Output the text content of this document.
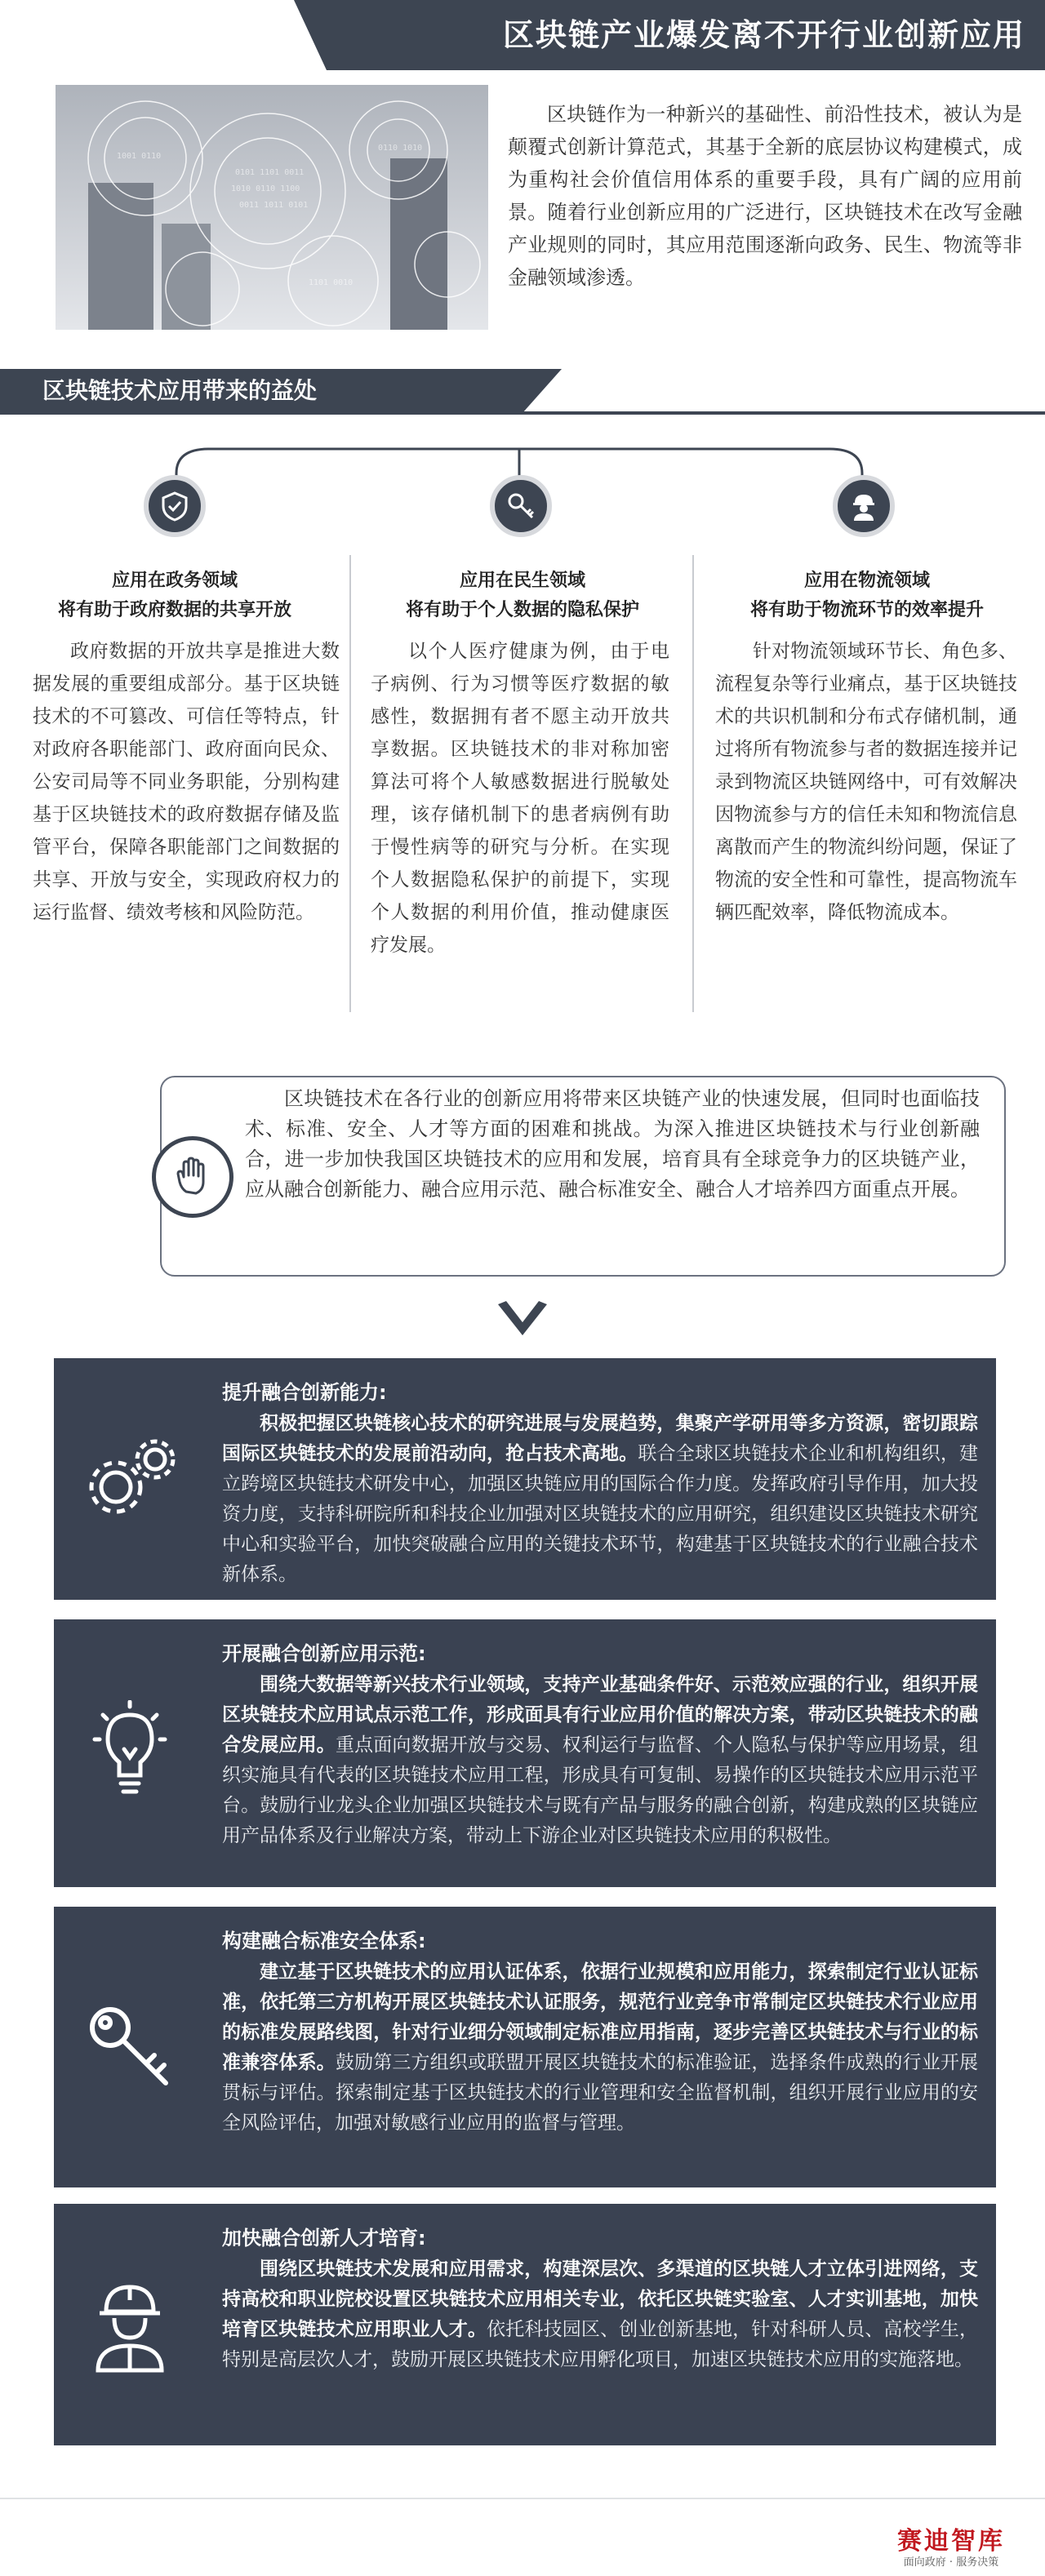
区块链产业爆发离不开行业创新应用
0101 1101 0011
1010 0110 1100
0011 1011 0101
1001 0110
0110 1010
1101 0010
区块链作为一种新兴的基础性、前沿性技术，被认为是颠覆式创新计算范式，其基于全新的底层协议构建模式，成为重构社会价值信用体系的重要手段，具有广阔的应用前景。随着行业创新应用的广泛进行，区块链技术在改写金融产业规则的同时，其应用范围逐渐向政务、民生、物流等非金融领域渗透。
区块链技术应用带来的益处
应用在政务领域
将有助于政府数据的共享开放
政府数据的开放共享是推进大数据发展的重要组成部分。基于区块链技术的不可篡改、可信任等特点，针对政府各职能部门、政府面向民众、公安司局等不同业务职能，分别构建基于区块链技术的政府数据存储及监管平台，保障各职能部门之间数据的共享、开放与安全，实现政府权力的运行监督、绩效考核和风险防范。
应用在民生领域
将有助于个人数据的隐私保护
以个人医疗健康为例，由于电子病例、行为习惯等医疗数据的敏感性，数据拥有者不愿主动开放共享数据。区块链技术的非对称加密算法可将个人敏感数据进行脱敏处理，该存储机制下的患者病例有助于慢性病等的研究与分析。在实现个人数据隐私保护的前提下，实现个人数据的利用价值，推动健康医疗发展。
应用在物流领域
将有助于物流环节的效率提升
针对物流领域环节长、角色多、流程复杂等行业痛点，基于区块链技术的共识机制和分布式存储机制，通过将所有物流参与者的数据连接并记录到物流区块链网络中，可有效解决因物流参与方的信任未知和物流信息离散而产生的物流纠纷问题，保证了物流的安全性和可靠性，提高物流车辆匹配效率，降低物流成本。
区块链技术在各行业的创新应用将带来区块链产业的快速发展，但同时也面临技术、标准、安全、人才等方面的困难和挑战。为深入推进区块链技术与行业创新融合，进一步加快我国区块链技术的应用和发展，培育具有全球竞争力的区块链产业，应从融合创新能力、融合应用示范、融合标准安全、融合人才培养四方面重点开展。
提升融合创新能力:
积极把握区块链核心技术的研究进展与发展趋势，集聚产学研用等多方资源，密切跟踪国际区块链技术的发展前沿动向，抢占技术高地。联合全球区块链技术企业和机构组织，建立跨境区块链技术研发中心，加强区块链应用的国际合作力度。发挥政府引导作用，加大投资力度，支持科研院所和科技企业加强对区块链技术的应用研究，组织建设区块链技术研究中心和实验平台，加快突破融合应用的关键技术环节，构建基于区块链技术的行业融合技术新体系。
开展融合创新应用示范:
围绕大数据等新兴技术行业领域，支持产业基础条件好、示范效应强的行业，组织开展区块链技术应用试点示范工作，形成面具有行业应用价值的解决方案，带动区块链技术的融合发展应用。重点面向数据开放与交易、权利运行与监督、个人隐私与保护等应用场景，组织实施具有代表的区块链技术应用工程，形成具有可复制、易操作的区块链技术应用示范平台。鼓励行业龙头企业加强区块链技术与既有产品与服务的融合创新，构建成熟的区块链应用产品体系及行业解决方案，带动上下游企业对区块链技术应用的积极性。
构建融合标准安全体系:
建立基于区块链技术的应用认证体系，依据行业规模和应用能力，探索制定行业认证标准，依托第三方机构开展区块链技术认证服务，规范行业竞争市常制定区块链技术行业应用的标准发展路线图，针对行业细分领域制定标准应用指南，逐步完善区块链技术与行业的标准兼容体系。鼓励第三方组织或联盟开展区块链技术的标准验证，选择条件成熟的行业开展贯标与评估。探索制定基于区块链技术的行业管理和安全监督机制，组织开展行业应用的安全风险评估，加强对敏感行业应用的监督与管理。
加快融合创新人才培育:
围绕区块链技术发展和应用需求，构建深层次、多渠道的区块链人才立体引进网络，支持高校和职业院校设置区块链技术应用相关专业，依托区块链实验室、人才实训基地，加快培育区块链技术应用职业人才。依托科技园区、创业创新基地，针对科研人员、高校学生，特别是高层次人才，鼓励开展区块链技术应用孵化项目，加速区块链技术应用的实施落地。
赛迪智库
面向政府 · 服务决策
